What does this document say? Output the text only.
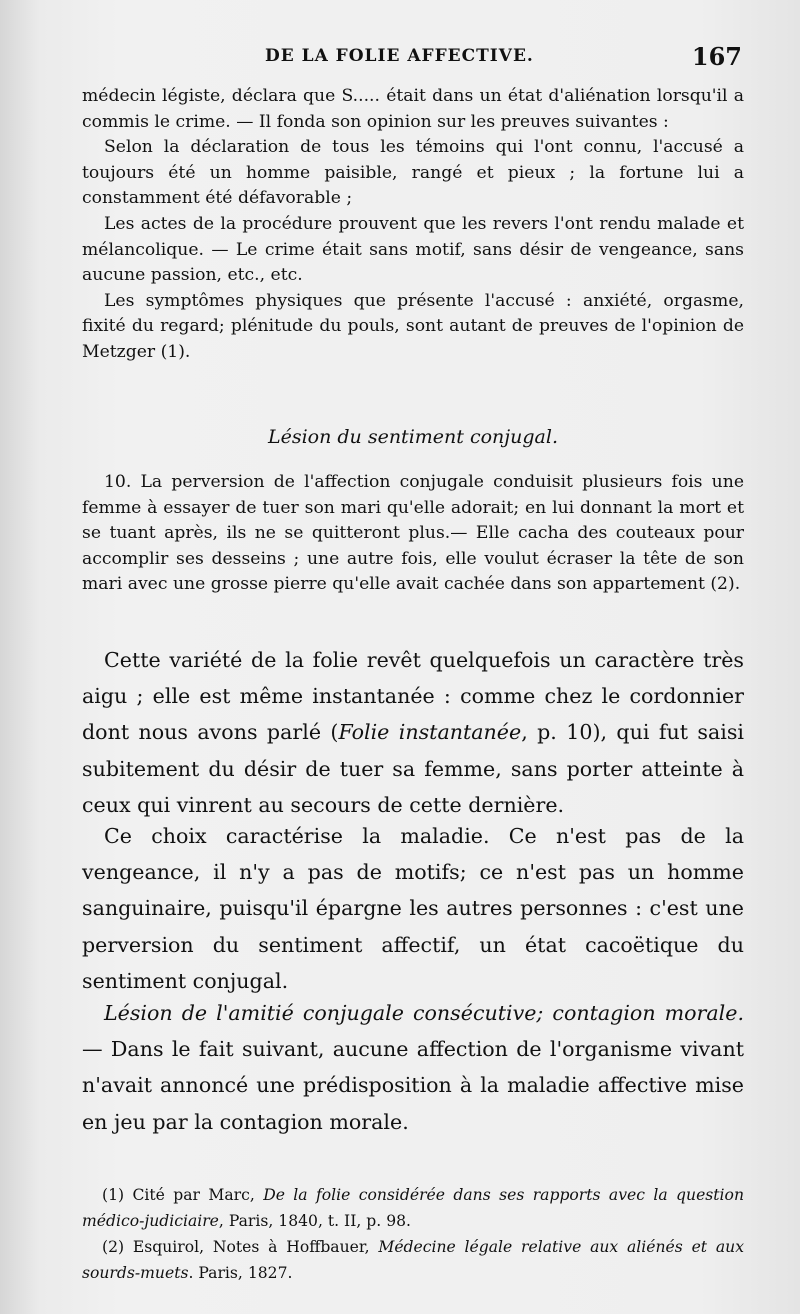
DE LA FOLIE AFFECTIVE.	167

médecin légiste, déclara que S..... était dans un état d'aliénation lorsqu'il a commis le crime. — Il fonda son opinion sur les preuves suivantes :

Selon la déclaration de tous les témoins qui l'ont connu, l'accusé a toujours été un homme paisible, rangé et pieux ; la fortune lui a constamment été défavorable ;

Les actes de la procédure prouvent que les revers l'ont rendu malade et mélancolique. — Le crime était sans motif, sans désir de vengeance, sans aucune passion, etc., etc.

Les symptômes physiques que présente l'accusé : anxiété, orgasme, fixité du regard; plénitude du pouls, sont autant de preuves de l'opinion de Metzger (1).

Lésion du sentiment conjugal.

10. La perversion de l'affection conjugale conduisit plusieurs fois une femme à essayer de tuer son mari qu'elle adorait; en lui donnant la mort et se tuant après, ils ne se quitteront plus.— Elle cacha des couteaux pour accomplir ses desseins ; une autre fois, elle voulut écraser la tête de son mari avec une grosse pierre qu'elle avait cachée dans son appartement (2).

Cette variété de la folie revêt quelquefois un caractère très aigu ; elle est même instantanée : comme chez le cordonnier dont nous avons parlé (Folie instantanée, p. 10), qui fut saisi subitement du désir de tuer sa femme, sans porter atteinte à ceux qui vinrent au secours de cette dernière.

Ce choix caractérise la maladie. Ce n'est pas de la vengeance, il n'y a pas de motifs; ce n'est pas un homme sanguinaire, puisqu'il épargne les autres personnes : c'est une perversion du sentiment affectif, un état cacoëtique du sentiment conjugal.

Lésion de l'amitié conjugale consécutive; contagion morale. — Dans le fait suivant, aucune affection de l'organisme vivant n'avait annoncé une prédisposition à la maladie affective mise en jeu par la contagion morale.

(1) Cité par Marc, De la folie considérée dans ses rapports avec la question médico-judiciaire, Paris, 1840, t. II, p. 98.

(2) Esquirol, Notes à Hoffbauer, Médecine légale relative aux aliénés et aux sourds-muets. Paris, 1827.
